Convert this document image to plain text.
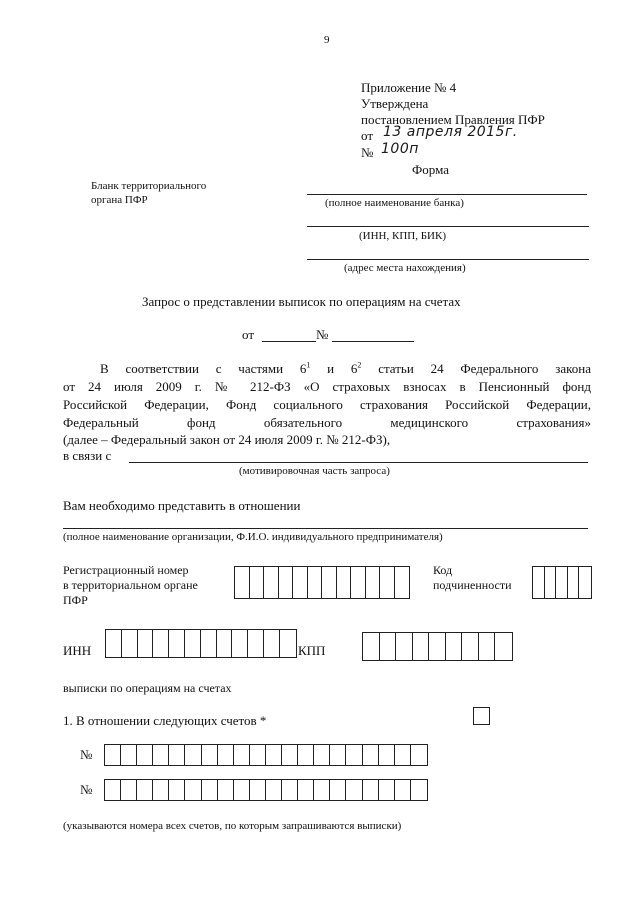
9
Приложение № 4
Утверждена
постановлением Правления ПФР
от 13 апреля 2015г.
№ 100п
Форма
Бланк территориального
органа ПФР	(полное наименование банка)
(ИНН, КПП, БИК)
(адрес места нахождения)
Запрос о представлении выписок по операциям на счетах
от	№
В соответствии с частями $6^1$ и $6^2$ статьи 24 Федерального закона
от 24 июля 2009 г. № 212-ФЗ «О страховых взносах в Пенсионный фонд
Российской Федерации, Фонд социального страхования Российской Федерации,
Федеральный фонд обязательного медицинского страхования»
(далее – Федеральный закон от 24 июля 2009 г. № 212-ФЗ),
в связи с
(мотивировочная часть запроса)
Вам необходимо представить в отношении
(полное наименование организации, Ф.И.О. индивидуального предпринимателя)
Регистрационный номер
в территориальном органе
ПФР
Код
подчиненности
ИНН	КПП
выписки по операциям на счетах
1. В отношении следующих счетов *
№
№
(указываются номера всех счетов, по которым запрашиваются выписки)
